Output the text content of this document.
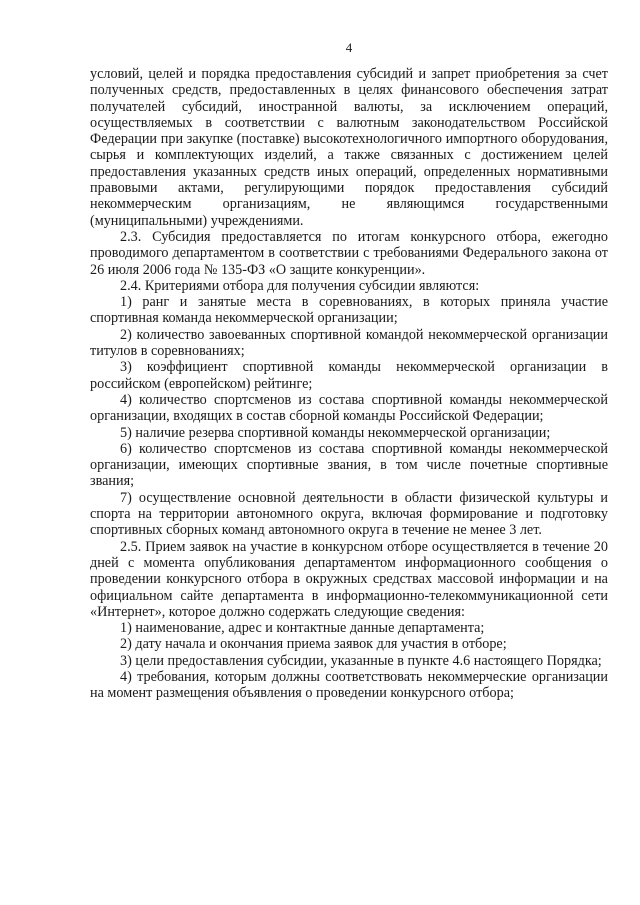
4

условий, целей и порядка предоставления субсидий и запрет приобретения за счет полученных средств, предоставленных в целях финансового обеспечения затрат получателей субсидий, иностранной валюты, за исключением операций, осуществляемых в соответствии с валютным законодательством Российской Федерации при закупке (поставке) высокотехнологичного импортного оборудования, сырья и комплектующих изделий, а также связанных с достижением целей предоставления указанных средств иных операций, определенных нормативными правовыми актами, регулирующими порядок предоставления субсидий некоммерческим организациям, не являющимся государственными (муниципальными) учреждениями.

2.3. Субсидия предоставляется по итогам конкурсного отбора, ежегодно проводимого департаментом в соответствии с требованиями Федерального закона от 26 июля 2006 года № 135-ФЗ «О защите конкуренции».

2.4. Критериями отбора для получения субсидии являются:

1) ранг и занятые места в соревнованиях, в которых приняла участие спортивная команда некоммерческой организации;

2) количество завоеванных спортивной командой некоммерческой организации титулов в соревнованиях;

3) коэффициент спортивной команды некоммерческой организации в российском (европейском) рейтинге;

4) количество спортсменов из состава спортивной команды некоммерческой организации, входящих в состав сборной команды Российской Федерации;

5) наличие резерва спортивной команды некоммерческой организации;

6) количество спортсменов из состава спортивной команды некоммерческой организации, имеющих спортивные звания, в том числе почетные спортивные звания;

7) осуществление основной деятельности в области физической культуры и спорта на территории автономного округа, включая формирование и подготовку спортивных сборных команд автономного округа в течение не менее 3 лет.

2.5. Прием заявок на участие в конкурсном отборе осуществляется в течение 20 дней с момента опубликования департаментом информационного сообщения о проведении конкурсного отбора в окружных средствах массовой информации и на официальном сайте департамента в информационно-телекоммуникационной сети «Интернет», которое должно содержать следующие сведения:

1) наименование, адрес и контактные данные департамента;

2) дату начала и окончания приема заявок для участия в отборе;

3) цели предоставления субсидии, указанные в пункте 4.6 настоящего Порядка;

4) требования, которым должны соответствовать некоммерческие организации на момент размещения объявления о проведении конкурсного отбора;
